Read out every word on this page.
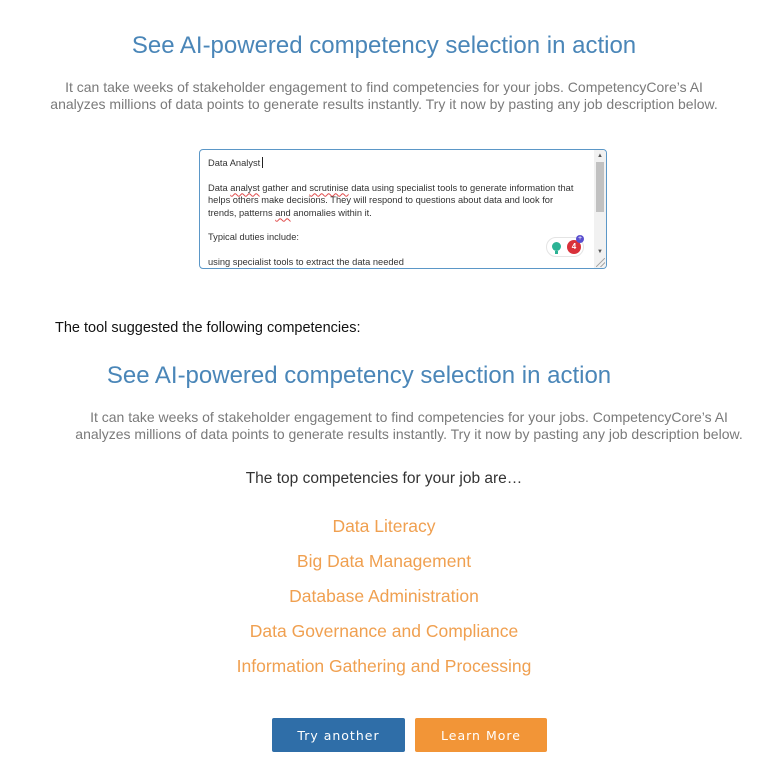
See AI-powered competency selection in action

It can take weeks of stakeholder engagement to find competencies for your jobs. CompetencyCore’s AI

analyzes millions of data points to generate results instantly. Try it now by pasting any job description below.

Data Analyst

Data analyst gather and scrutinise data using specialist tools to generate information that
helps others make decisions. They will respond to questions about data and look for
trends, patterns and anomalies within it.

Typical duties include:

using specialist tools to extract the data needed

▲
▼
4
+
The tool suggested the following competencies:
See AI-powered competency selection in action

It can take weeks of stakeholder engagement to find competencies for your jobs. CompetencyCore’s AI

analyzes millions of data points to generate results instantly. Try it now by pasting any job description below.

The top competencies for your job are…
Data Literacy
Big Data Management
Database Administration
Data Governance and Compliance
Information Gathering and Processing
Try another	Learn More
